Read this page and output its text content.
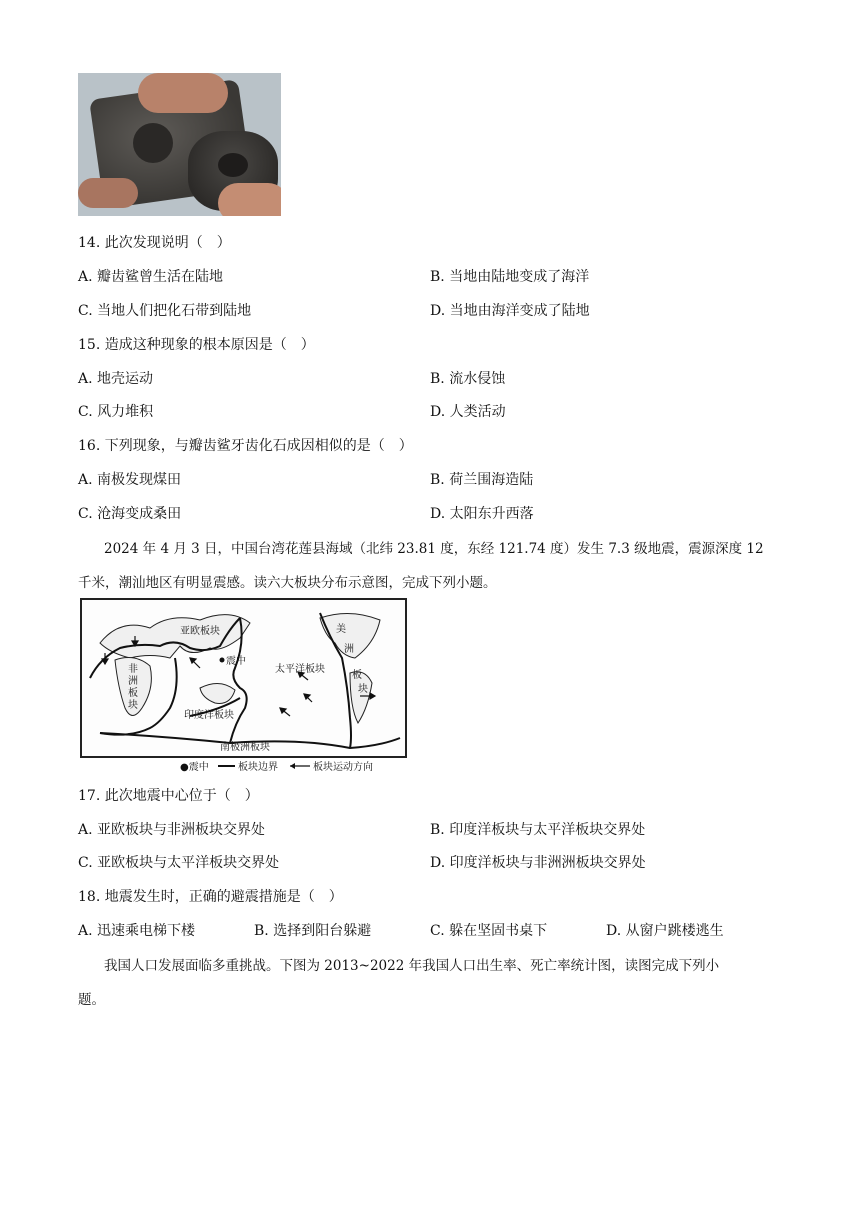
14. 此次发现说明（　）
A. 瓣齿鲨曾生活在陆地	B. 当地由陆地变成了海洋
C. 当地人们把化石带到陆地	D. 当地由海洋变成了陆地
15. 造成这种现象的根本原因是（　）
A. 地壳运动	B. 流水侵蚀
C. 风力堆积	D. 人类活动
16. 下列现象，与瓣齿鲨牙齿化石成因相似的是（　）
A. 南极发现煤田	B. 荷兰围海造陆
C. 沧海变成桑田	D. 太阳东升西落
2024 年 4 月 3 日，中国台湾花莲县海域（北纬 23.81 度，东经 121.74 度）发生 7.3 级地震，震源深度 12
千米，潮汕地区有明显震感。读六大板块分布示意图，完成下列小题。
亚欧板块
非
洲
板
块
太平洋板块
印度洋板块
南极洲板块
美
洲
板
块
震中
●震中	板块边界	板块运动方向
17. 此次地震中心位于（　）
A. 亚欧板块与非洲板块交界处	B. 印度洋板块与太平洋板块交界处
C. 亚欧板块与太平洋板块交界处	D. 印度洋板块与非洲洲板块交界处
18. 地震发生时，正确的避震措施是（　）
A. 迅速乘电梯下楼	B. 选择到阳台躲避	C. 躲在坚固书桌下	D. 从窗户跳楼逃生
我国人口发展面临多重挑战。下图为 2013~2022 年我国人口出生率、死亡率统计图，读图完成下列小
题。
